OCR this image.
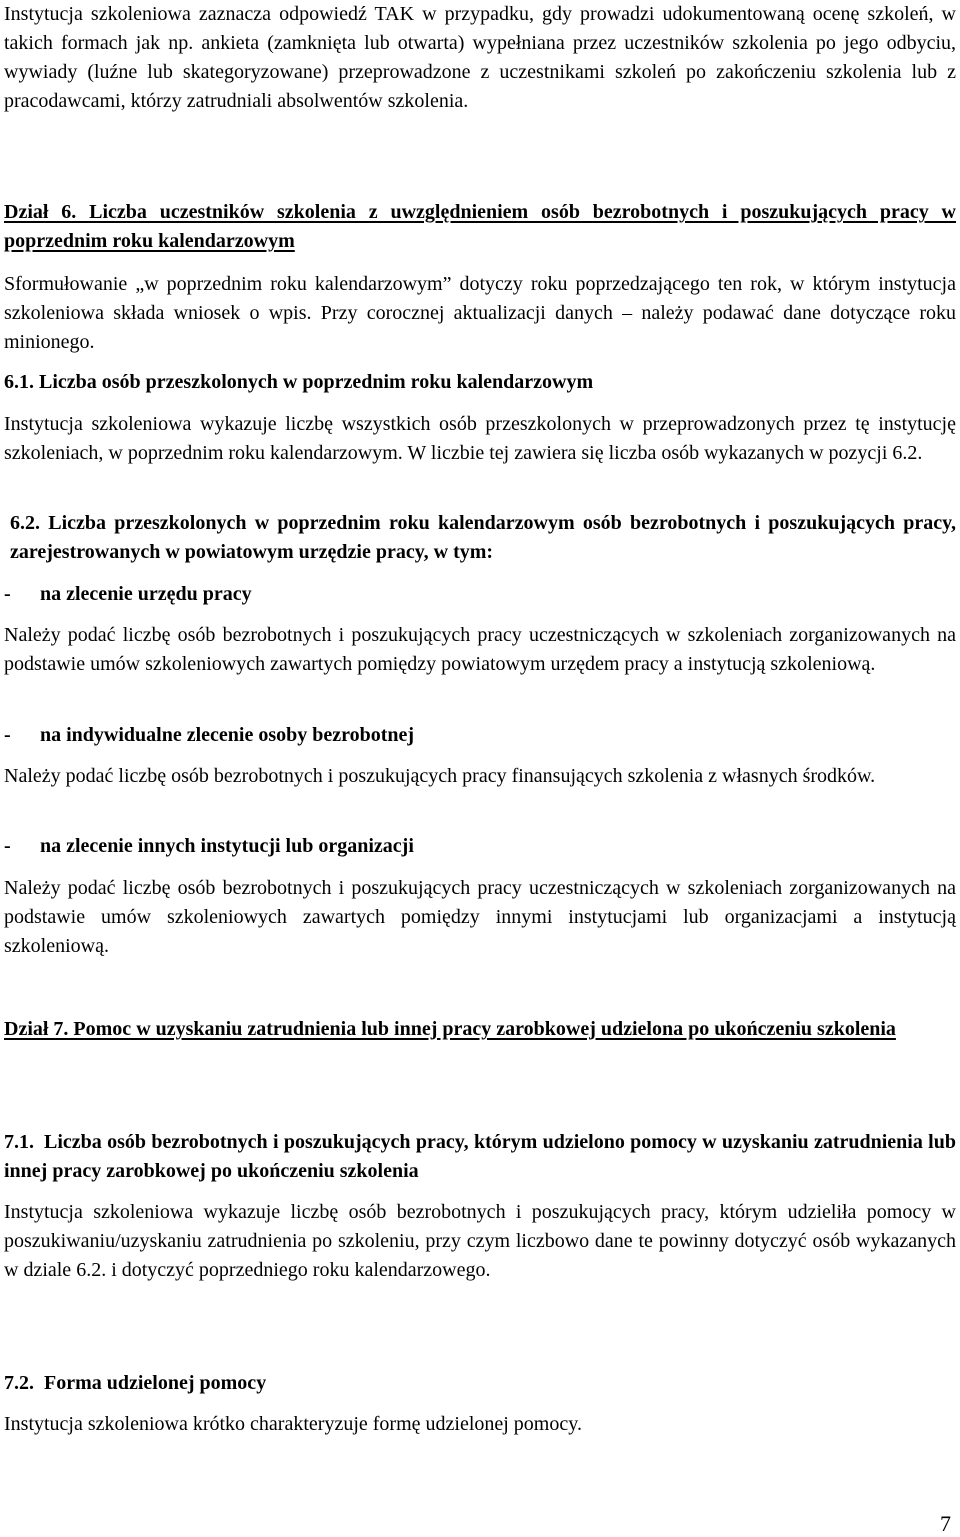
Instytucja szkoleniowa zaznacza odpowiedź TAK w przypadku, gdy prowadzi udokumentowaną ocenę szkoleń, w takich formach jak np. ankieta (zamknięta lub otwarta) wypełniana przez uczestników szkolenia po jego odbyciu, wywiady (luźne lub skategoryzowane) przeprowadzone z uczestnikami szkoleń po zakończeniu szkolenia lub z pracodawcami, którzy zatrudniali absolwentów szkolenia.

Dział 6. Liczba uczestników szkolenia z uwzględnieniem osób bezrobotnych i poszukujących pracy w poprzednim roku kalendarzowym

Sformułowanie „w poprzednim roku kalendarzowym” dotyczy roku poprzedzającego ten rok, w którym instytucja szkoleniowa składa wniosek o wpis. Przy corocznej aktualizacji danych – należy podawać dane dotyczące roku minionego.

6.1. Liczba osób przeszkolonych w poprzednim roku kalendarzowym

Instytucja szkoleniowa wykazuje liczbę wszystkich osób przeszkolonych w przeprowadzonych przez tę instytucję szkoleniach, w poprzednim roku kalendarzowym. W liczbie tej zawiera się liczba osób wykazanych w pozycji 6.2.

6.2. Liczba przeszkolonych w poprzednim roku kalendarzowym osób bezrobotnych i poszukujących pracy, zarejestrowanych w powiatowym urzędzie pracy, w tym:

- na zlecenie urzędu pracy

Należy podać liczbę osób bezrobotnych i poszukujących pracy uczestniczących w szkoleniach zorganizowanych na podstawie umów szkoleniowych zawartych pomiędzy powiatowym urzędem pracy a instytucją szkoleniową.

- na indywidualne zlecenie osoby bezrobotnej

Należy podać liczbę osób bezrobotnych i poszukujących pracy finansujących szkolenia z własnych środków.

- na zlecenie innych instytucji lub organizacji

Należy podać liczbę osób bezrobotnych i poszukujących pracy uczestniczących w szkoleniach zorganizowanych na podstawie umów szkoleniowych zawartych pomiędzy innymi instytucjami lub organizacjami a instytucją szkoleniową.

Dział 7. Pomoc w uzyskaniu zatrudnienia lub innej pracy zarobkowej udzielona po ukończeniu szkolenia

7.1. Liczba osób bezrobotnych i poszukujących pracy, którym udzielono pomocy w uzyskaniu zatrudnienia lub innej pracy zarobkowej po ukończeniu szkolenia

Instytucja szkoleniowa wykazuje liczbę osób bezrobotnych i poszukujących pracy, którym udzieliła pomocy w poszukiwaniu/uzyskaniu zatrudnienia po szkoleniu, przy czym liczbowo dane te powinny dotyczyć osób wykazanych w dziale 6.2. i dotyczyć poprzedniego roku kalendarzowego.

7.2. Forma udzielonej pomocy

Instytucja szkoleniowa krótko charakteryzuje formę udzielonej pomocy.

7
